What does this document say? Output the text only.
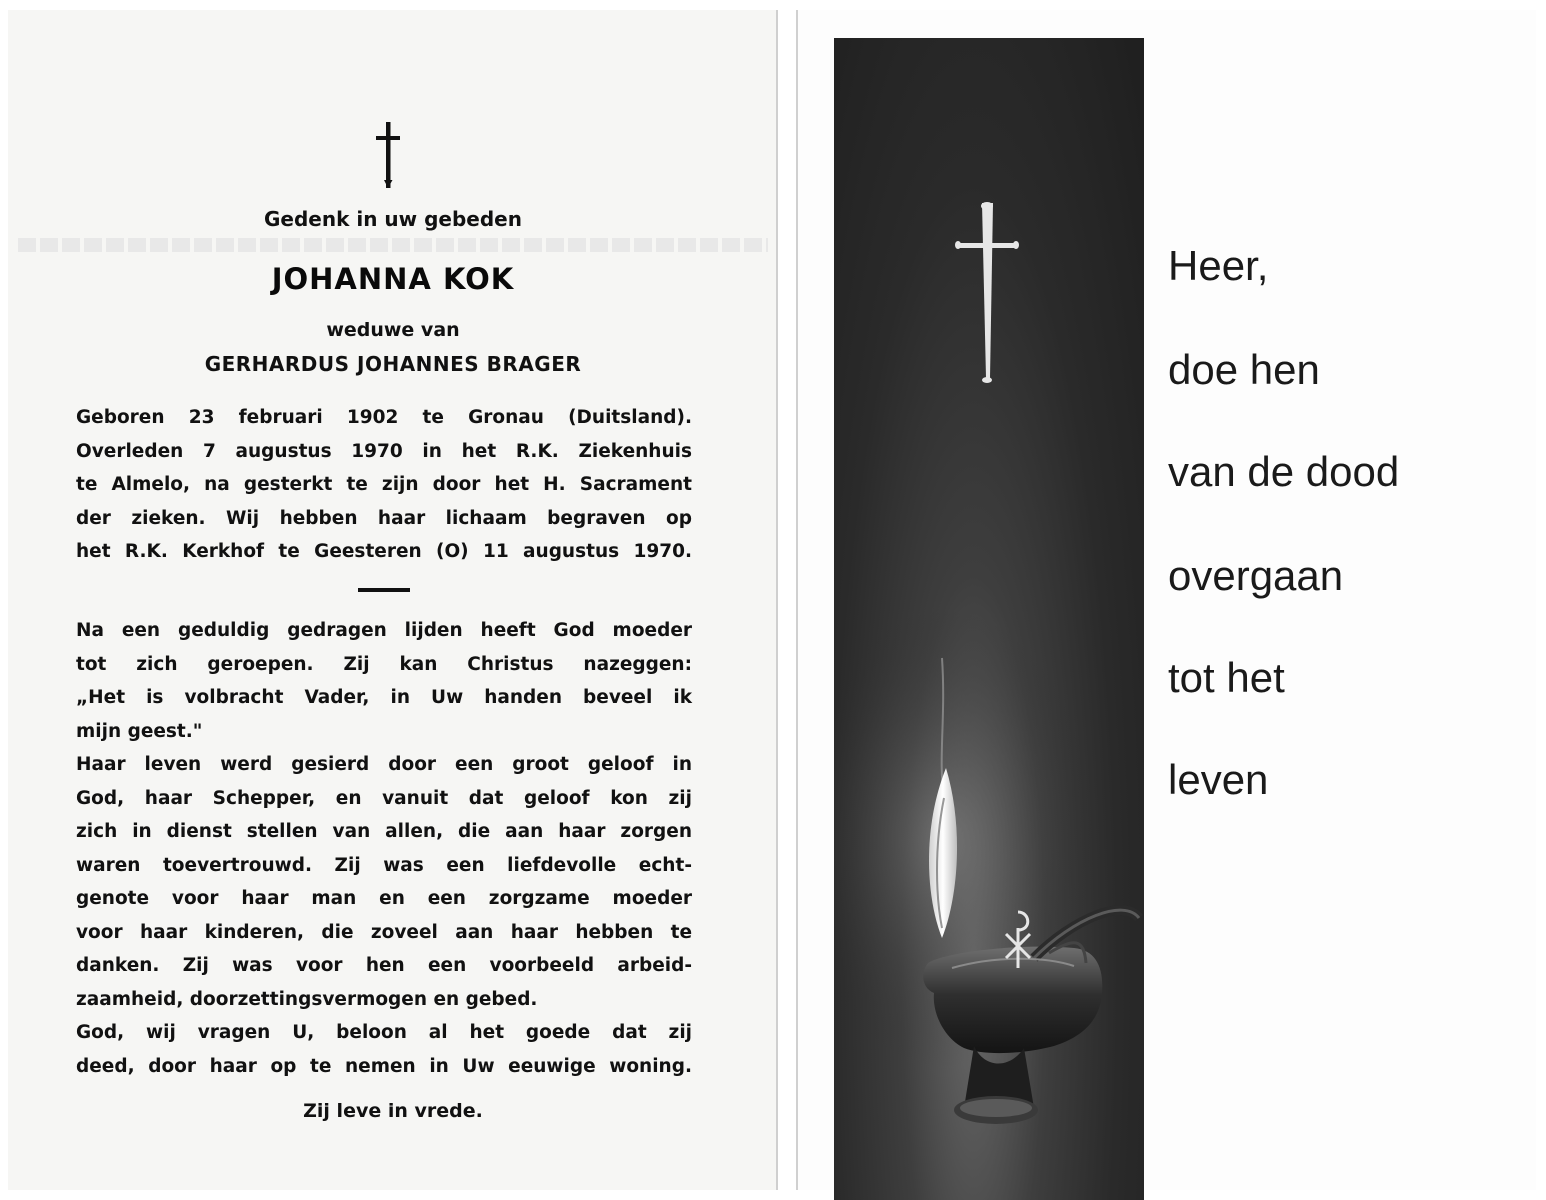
Gedenk in uw gebeden
JOHANNA KOK
weduwe van
GERHARDUS JOHANNES BRAGER
Geboren 23 februari 1902 te Gronau (Duitsland).
Overleden 7 augustus 1970 in het R.K. Ziekenhuis
te Almelo, na gesterkt te zijn door het H. Sacrament
der zieken. Wij hebben haar lichaam begraven op
het R.K. Kerkhof te Geesteren (O) 11 augustus 1970.
Na een geduldig gedragen lijden heeft God moeder
tot zich geroepen. Zij kan Christus nazeggen:
„Het is volbracht Vader, in Uw handen beveel ik
mijn geest."
Haar leven werd gesierd door een groot geloof in
God, haar Schepper, en vanuit dat geloof kon zij
zich in dienst stellen van allen, die aan haar zorgen
waren toevertrouwd. Zij was een liefdevolle echt-
genote voor haar man en een zorgzame moeder
voor haar kinderen, die zoveel aan haar hebben te
danken. Zij was voor hen een voorbeeld arbeid-
zaamheid, doorzettingsvermogen en gebed.
God, wij vragen U, beloon al het goede dat zij
deed, door haar op te nemen in Uw eeuwige woning.
Zij leve in vrede.
Heer,
doe hen
van de dood
overgaan
tot het
leven
